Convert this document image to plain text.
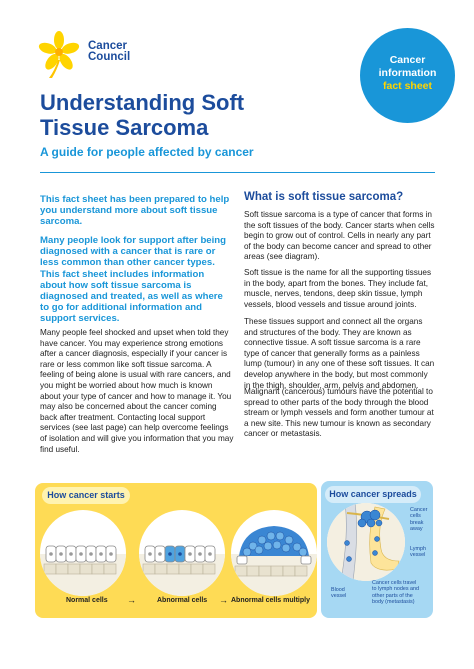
Cancer
Council	Cancer
information
fact sheet
Understanding Soft
Tissue Sarcoma
A guide for people affected by cancer
This fact sheet has been prepared to help you understand more about soft tissue sarcoma.
Many people look for support after being diagnosed with a cancer that is rare or less common than other cancer types. This fact sheet includes information about how soft tissue sarcoma is diagnosed and treated, as well as where to go for additional information and support services.
Many people feel shocked and upset when told they have cancer. You may experience strong emotions after a cancer diagnosis, especially if your cancer is rare or less common like soft tissue sarcoma. A feeling of being alone is usual with rare cancers, and you might be worried about how much is known about your type of cancer and how to manage it. You may also be concerned about the cancer coming back after treatment. Contacting local support services (see last page) can help overcome feelings of isolation and will give you information that you may find useful.
What is soft tissue sarcoma?
Soft tissue sarcoma is a type of cancer that forms in the soft tissues of the body. Cancer starts when cells begin to grow out of control. Cells in nearly any part of the body can become cancer and spread to other areas (see diagram).
Soft tissue is the name for all the supporting tissues in the body, apart from the bones. They include fat, muscle, nerves, tendons, deep skin tissue, lymph vessels, blood vessels and tissue around joints.
These tissues support and connect all the organs and structures of the body. They are known as connective tissue. A soft tissue sarcoma is a rare type of cancer that generally forms as a painless lump (tumour) in any one of these soft tissues. It can develop anywhere in the body, but most commonly in the thigh, shoulder, arm, pelvis and abdomen.
Malignant (cancerous) tumours have the potential to spread to other parts of the body through the blood stream or lymph vessels and form another tumour at a new site. This new tumour is known as secondary cancer or metastasis.
How cancer starts
→	→
Normal cells	Abnormal cells	Abnormal cells multiply
How cancer spreads
Cancer
cells
break
away
Lymph
vessel
Blood
vessel
Cancer cells travel
to lymph nodes and
other parts of the
body (metastasis)
